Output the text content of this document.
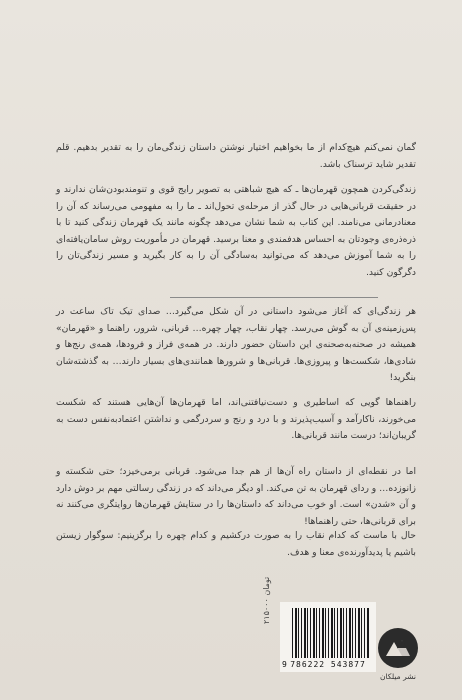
گمان نمی‌کنم هیچ‌کدام از ما بخواهیم اختیار نوشتن داستان زندگی‌مان را به تقدیر بدهیم. قلم تقدیر شاید ترسناک باشد.

زندگی‌کردن همچون قهرمان‌ها ـ که هیچ شباهتی به تصویر رایج قوی و تنومندبودن‌شان ندارند و در حقیقت قربانی‌هایی در حال گذر از مرحله‌ی تحول‌اند ـ ما را به مفهومی می‌رساند که آن را معنادرمانی می‌نامند. این کتاب به شما نشان می‌دهد چگونه مانند یک قهرمان زندگی کنید تا با ذره‌ذره‌ی وجودتان به احساس هدفمندی و معنا برسید. قهرمان در مأموریت روش سامان‌یافته‌ای را به شما آموزش می‌دهد که می‌توانید به‌سادگی آن را به کار بگیرید و مسیر زندگی‌تان را دگرگون کنید.

هر زندگی‌ای که آغاز می‌شود داستانی در آن شکل می‌گیرد… صدای تیک تاک ساعت در پس‌زمینه‌ی آن به گوش می‌رسد. چهار نقاب، چهار چهره… قربانی، شرور، راهنما و «قهرمان» همیشه در صحنه‌به‌صحنه‌ی این داستان حضور دارند. در همه‌ی فراز و فرودها، همه‌ی رنج‌ها و شادی‌ها، شکست‌ها و پیروزی‌ها. قربانی‌ها و شرورها همانندی‌های بسیار دارند… به گذشته‌شان بنگرید!

راهنماها گویی که اساطیری و دست‌نیافتنی‌اند، اما قهرمان‌ها آن‌هایی هستند که شکست می‌خورند، ناکارآمد و آسیب‌پذیرند و با درد و رنج و سردرگمی و نداشتن اعتمادبه‌نفس دست به گریبان‌اند؛ درست مانند قربانی‌ها.

اما در نقطه‌ای از داستان راه آن‌ها از هم جدا می‌شود. قربانی برمی‌خیزد؛ حتی شکسته و زانوزده… و ردای قهرمان به تن می‌کند. او دیگر می‌داند که در زندگی رسالتی مهم بر دوش دارد و آن «شدن» است. او خوب می‌داند که داستان‌ها را در ستایش قهرمان‌ها روایتگری می‌کنند نه برای قربانی‌ها، حتی راهنماها!

حال با ماست که کدام نقاب را به صورت درکشیم و کدام چهره را برگزینیم: سوگوار زیستن باشیم یا پدیدآورنده‌ی معنا و هدف.

۲۱۵۰۰۰ تومان
9 786222 543877
نشر میلکان
